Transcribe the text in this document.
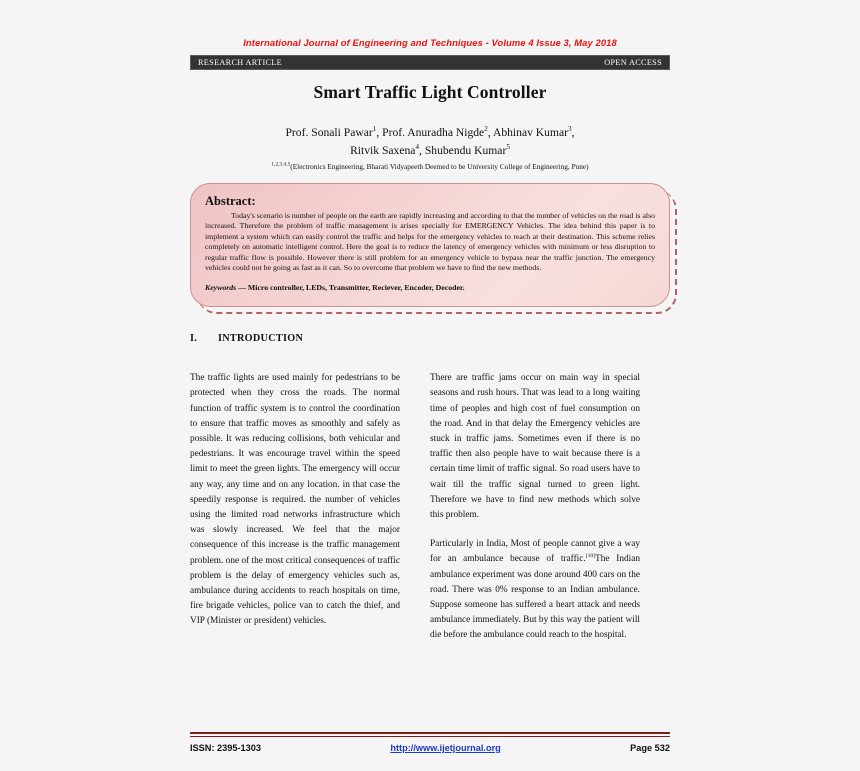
International Journal of Engineering and Techniques - Volume 4 Issue 3, May 2018
RESEARCH ARTICLE	OPEN ACCESS
Smart Traffic Light Controller
Prof. Sonali Pawar$^1$, Prof. Anuradha Nigde$^2$, Abhinav Kumar$^3$,
Ritvik Saxena$^4$, Shubendu Kumar$^5$
$^{1,2,3,4,5}$(Electronics Engineering, Bharati Vidyapeeth Deemed to be University College of Engineering, Pune)
Abstract:
Today's scenario is number of people on the earth are rapidly increasing and according to that the number of vehicles on the road is also increased. Therefore the problem of traffic management is arises specially for EMERGENCY Vehicles. The idea behind this paper is to implement a system which can easily control the traffic and helps for the emergency vehicles to reach at their destination. This scheme relies completely on automatic intelligent control. Here the goal is to reduce the latency of emergency vehicles with minimum or less disruption to regular traffic flow is possible. However there is still problem for an emergency vehicle to bypass near the traffic junction. The emergency vehicles could not be going as fast as it can. So to overcome that problem we have to find the new methods.
Keywords — Micro controller, LEDs, Transmitter, Reciever, Encoder, Decoder.
I. INTRODUCTION

The traffic lights are used mainly for pedestrians to be protected when they cross the roads. The normal function of traffic system is to control the coordination to ensure that traffic moves as smoothly and safely as possible. It was reducing collisions, both vehicular and pedestrians. It was encourage travel within the speed limit to meet the green lights. The emergency will occur any way, any time and on any location. in that case the speedily response is required. the number of vehicles using the limited road networks infrastructure which was slowly increased. We feel that the major consequence of this increase is the traffic management problem. one of the most critical consequences of traffic problem is the delay of emergency vehicles such as, ambulance during accidents to reach hospitals on time, fire brigade vehicles, police van to catch the thief, and VIP (Minister or president) vehicles.

There are traffic jams occur on main way in special seasons and rush hours. That was lead to a long waiting time of peoples and high cost of fuel consumption on the road. And in that delay the Emergency vehicles are stuck in traffic jams. Sometimes even if there is no traffic then also people have to wait because there is a certain time limit of traffic signal. So road users have to wait till the traffic signal turned to green light. Therefore we have to find new methods which solve this problem.

Particularly in India, Most of people cannot give a way for an ambulance because of traffic.[10]The Indian ambulance experiment was done around 400 cars on the road. There was 0% response to an Indian ambulance. Suppose someone has suffered a heart attack and needs ambulance immediately. But by this way the patient will die before the ambulance could reach to the hospital.

ISSN: 2395-1303	http://www.ijetjournal.org	Page 532
